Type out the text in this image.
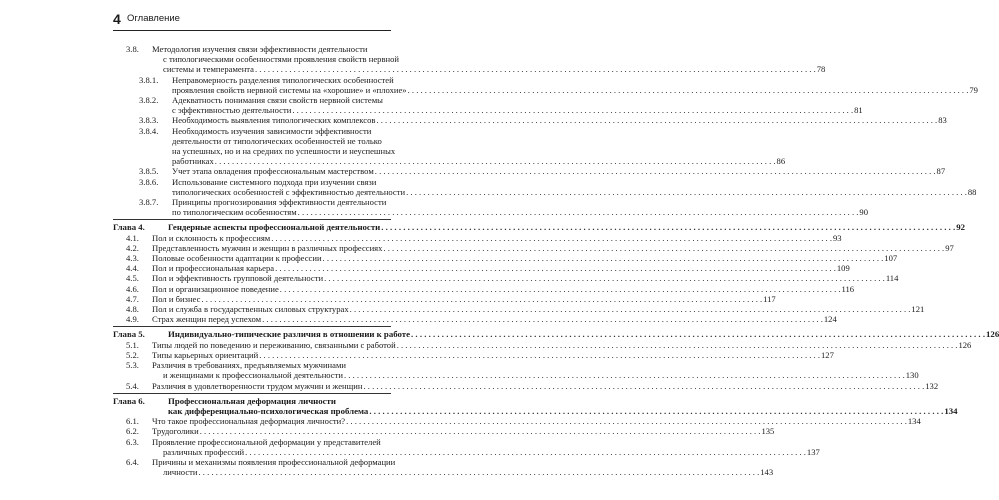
4 Оглавление
3.8. Методология изучения связи эффективности деятельности
с типологическими особенностями проявления свойств нервной
системы и темперамента . . .	78
3.8.1. Неправомерность разделения типологических особенностей
проявления свойств нервной системы на «хорошие» и «плохие» . . .	79
3.8.2. Адекватность понимания связи свойств нервной системы
с эффективностью деятельности . . .	81
3.8.3. Необходимость выявления типологических комплексов . . .	83
3.8.4. Необходимость изучения зависимости эффективности
деятельности от типологических особенностей не только
на успешных, но и на средних по успешности и неуспешных
работниках . . .	86
3.8.5. Учет этапа овладения профессиональным мастерством . . .	87
3.8.6. Использование системного подхода при изучении связи
типологических особенностей с эффективностью деятельности . . .	88
3.8.7. Принципы прогнозирования эффективности деятельности
по типологическим особенностям . . .	90
Глава 4.	Гендерные аспекты профессиональной деятельности . . .	92
4.1. Пол и склонность к профессиям . . .	93
4.2. Представленность мужчин и женщин в различных профессиях . . .	97
4.3. Половые особенности адаптации к профессии . . .	107
4.4. Пол и профессиональная карьера . . .	109
4.5. Пол и эффективность групповой деятельности . . .	114
4.6. Пол и организационное поведение . . .	116
4.7. Пол и бизнес . . .	117
4.8. Пол и служба в государственных силовых структурах . . .	121
4.9. Страх женщин перед успехом . . .	124
Глава 5.	Индивидуально-типические различия в отношении к работе . . .	126
5.1. Типы людей по поведению и переживанию, связанными с работой . . .	126
5.2. Типы карьерных ориентаций . . .	127
5.3. Различия в требованиях, предъявляемых мужчинами
и женщинами к профессиональной деятельности . . .	130
5.4. Различия в удовлетворенности трудом мужчин и женщин . . .	132
Глава 6.	Профессиональная деформация личности
как дифференциально-психологическая проблема . . .	134
6.1. Что такое профессиональная деформация личности? . . .	134
6.2. Трудоголики . . .	135
6.3. Проявление профессиональной деформации у представителей
различных профессий . . .	137
6.4. Причины и механизмы появления профессиональной деформации
личности . . .	143
